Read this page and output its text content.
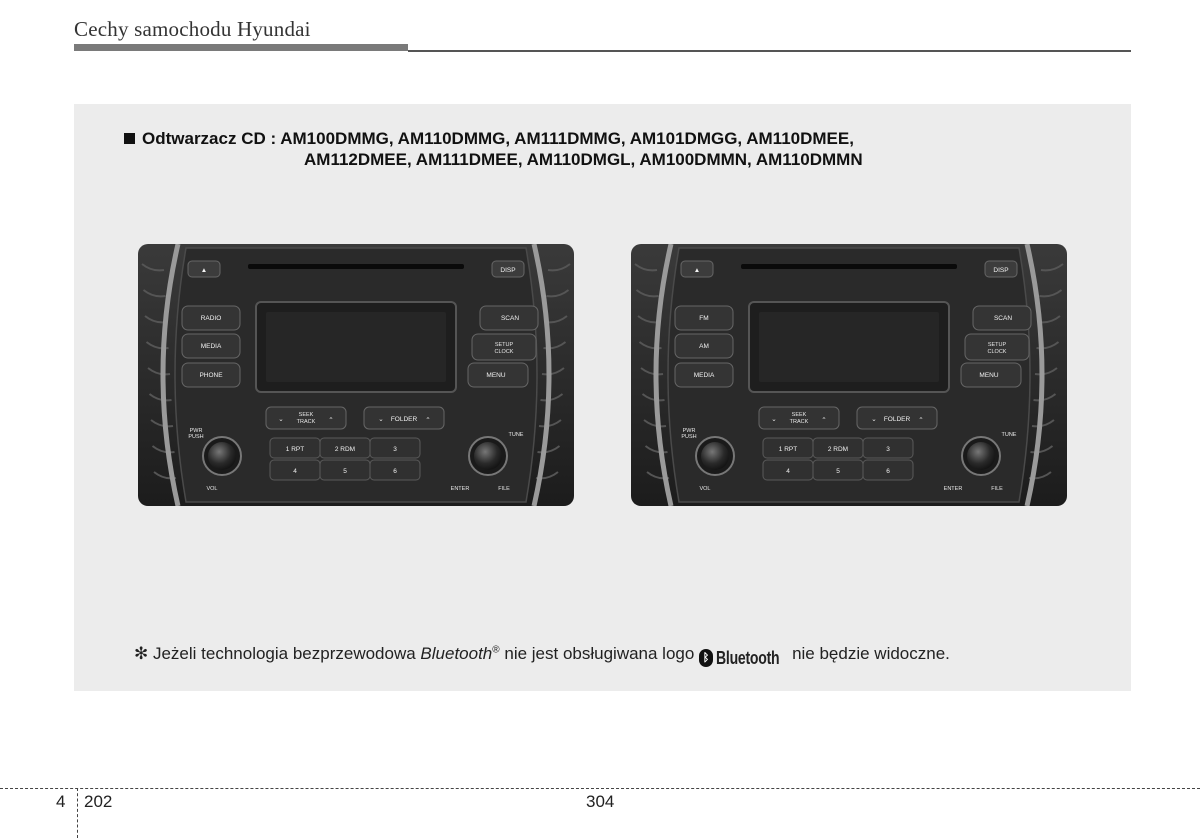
Cechy samochodu Hyundai
Odtwarzacz CD : AM100DMMG, AM110DMMG, AM111DMMG, AM101DMGG, AM110DMEE,
AM112DMEE, AM111DMEE, AM110DMGL, AM100DMMN, AM110DMMN
▲	DISP
RADIO
MEDIA
PHONE
SCAN
SETUP
CLOCK
MENU
SEEK
TRACK
⌄	⌃	FOLDER
⌄	⌃
1 RPT	2 RDM	3
4	5	6
PWR
PUSH
VOL
TUNE
ENTER	FILE
▲	DISP
FM
AM
MEDIA
SCAN
SETUP
CLOCK
MENU
SEEK
TRACK
⌄	⌃	FOLDER
⌄	⌃
1 RPT	2 RDM	3
4	5	6
PWR
PUSH
VOL
TUNE
ENTER	FILE
✻ Jeżeli technologia bezprzewodowa Bluetooth® nie jest obsługiwana logo ᛒ Bluetooth nie będzie widoczne.
4 202	304
